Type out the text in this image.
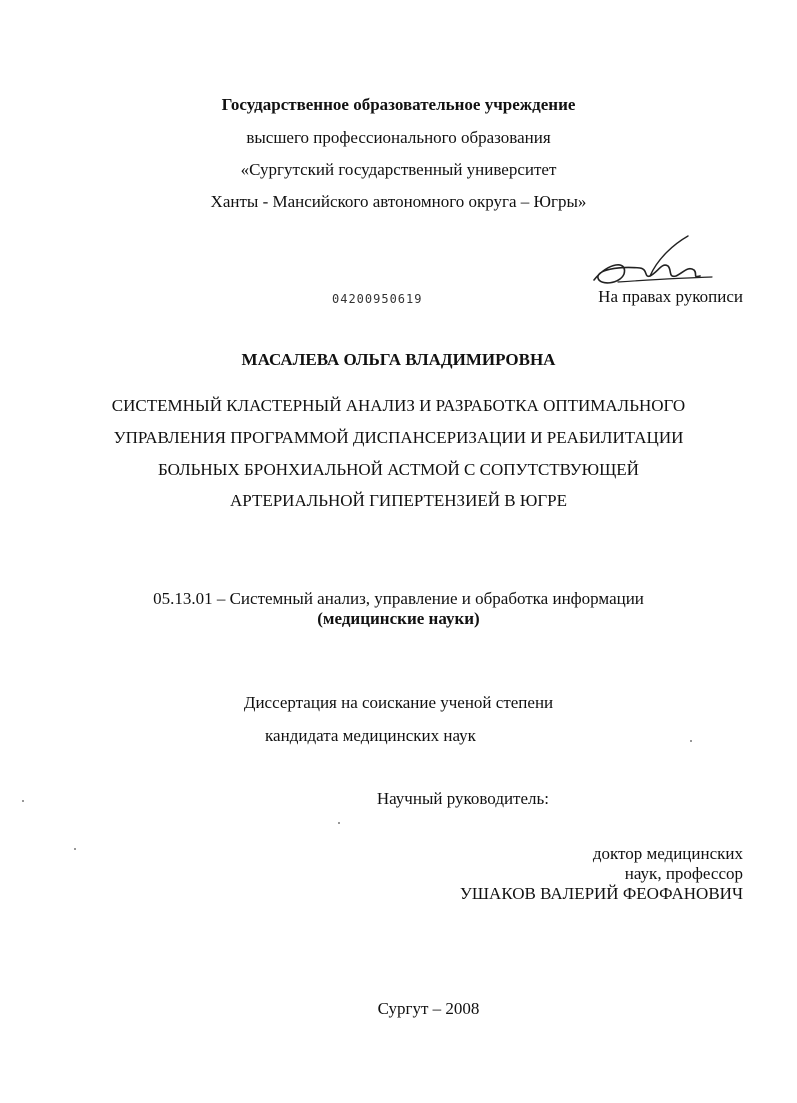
Государственное образовательное учреждение
высшего профессионального образования
«Сургутский государственный университет
Ханты - Мансийского автономного округа – Югры»
04200950619	На правах рукописи
МАСАЛЕВА ОЛЬГА ВЛАДИМИРОВНА
СИСТЕМНЫЙ КЛАСТЕРНЫЙ АНАЛИЗ И РАЗРАБОТКА ОПТИМАЛЬНОГО
УПРАВЛЕНИЯ ПРОГРАММОЙ ДИСПАНСЕРИЗАЦИИ И РЕАБИЛИТАЦИИ
БОЛЬНЫХ БРОНХИАЛЬНОЙ АСТМОЙ С СОПУТСТВУЮЩЕЙ
АРТЕРИАЛЬНОЙ ГИПЕРТЕНЗИЕЙ В ЮГРЕ
05.13.01 – Системный анализ, управление и обработка информации
(медицинские науки)
Диссертация на соискание ученой степени
кандидата медицинских наук
Научный руководитель:
доктор медицинских
наук, профессор
УШАКОВ ВАЛЕРИЙ ФЕОФАНОВИЧ
Сургут – 2008
